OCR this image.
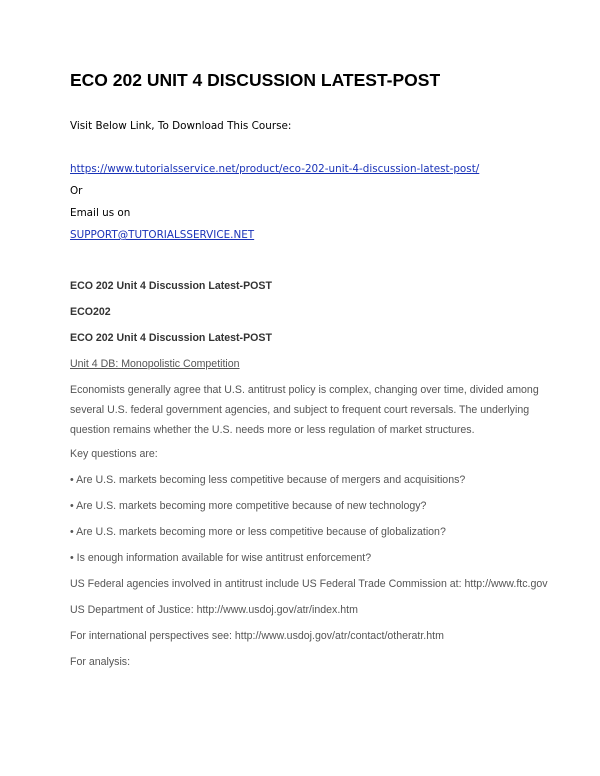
ECO 202 UNIT 4 DISCUSSION LATEST-POST
Visit Below Link, To Download This Course:
https://www.tutorialsservice.net/product/eco-202-unit-4-discussion-latest-post/
Or
Email us on
SUPPORT@TUTORIALSSERVICE.NET
ECO 202 Unit 4 Discussion Latest-POST
ECO202
ECO 202 Unit 4 Discussion Latest-POST
Unit 4 DB: Monopolistic Competition
Economists generally agree that U.S. antitrust policy is complex, changing over time, divided among
several U.S. federal government agencies, and subject to frequent court reversals. The underlying
question remains whether the U.S. needs more or less regulation of market structures.
Key questions are:
• Are U.S. markets becoming less competitive because of mergers and acquisitions?
• Are U.S. markets becoming more competitive because of new technology?
• Are U.S. markets becoming more or less competitive because of globalization?
• Is enough information available for wise antitrust enforcement?
US Federal agencies involved in antitrust include US Federal Trade Commission at: http://www.ftc.gov
US Department of Justice: http://www.usdoj.gov/atr/index.htm
For international perspectives see: http://www.usdoj.gov/atr/contact/otheratr.htm
For analysis:
